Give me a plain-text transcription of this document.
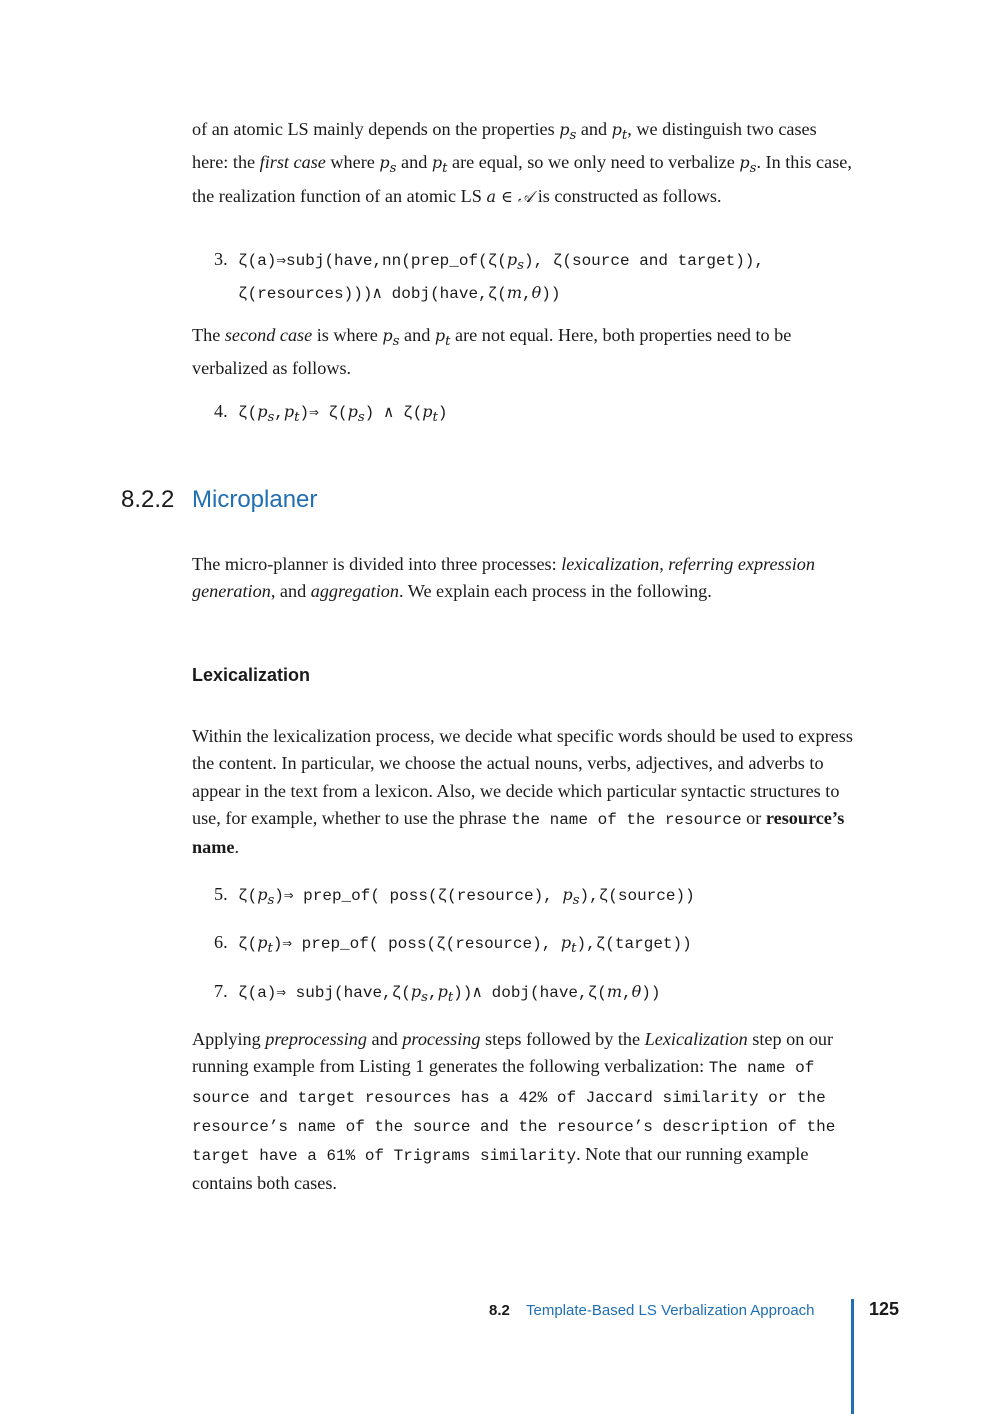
of an atomic LS mainly depends on the properties $p_s$ and $p_t$, we distinguish two cases here: the first case where $p_s$ and $p_t$ are equal, so we only need to verbalize $p_s$. In this case, the realization function of an atomic LS a ∈ 𝒜 is constructed as follows.
3. $\zeta(a)\Rightarrow subj(have,nn(prep\_of(\zeta(p_s)$, ζ(source and target)),
ζ(resources)))∧ dobj(have,ζ(m,θ))
The second case is where $p_s$ and $p_t$ are not equal. Here, both properties need to be verbalized as follows.
4. $\zeta(p_s,p_t)\Rightarrow$ $\zeta(p_s)$ ∧ $\zeta(p_t)$
8.2.2 Microplaner
The micro-planner is divided into three processes: lexicalization, referring expression generation, and aggregation. We explain each process in the following.
Lexicalization
Within the lexicalization process, we decide what specific words should be used to express the content. In particular, we choose the actual nouns, verbs, adjectives, and adverbs to appear in the text from a lexicon. Also, we decide which particular syntactic structures to use, for example, whether to use the phrase the name of the resource or resource’s name.
5. $\zeta(p_s)\Rightarrow$ prep_of( poss(ζ(resource), $p_s),\zeta(source)$)
6. $\zeta(p_t)\Rightarrow$ prep_of( poss(ζ(resource), $p_t),\zeta(target)$)
7. ζ(a)⇒ $subj(have,\zeta(p_s,p_t))\wedge$ dobj(have,ζ(m,θ))
Applying preprocessing and processing steps followed by the Lexicalization step on our running example from Listing 1 generates the following verbalization: The name of source and target resources has a 42% of Jaccard similarity or the resource’s name of the source and the resource’s description of the target have a 61% of Trigrams similarity. Note that our running example contains both cases.
8.2 Template-Based LS Verbalization Approach	125
